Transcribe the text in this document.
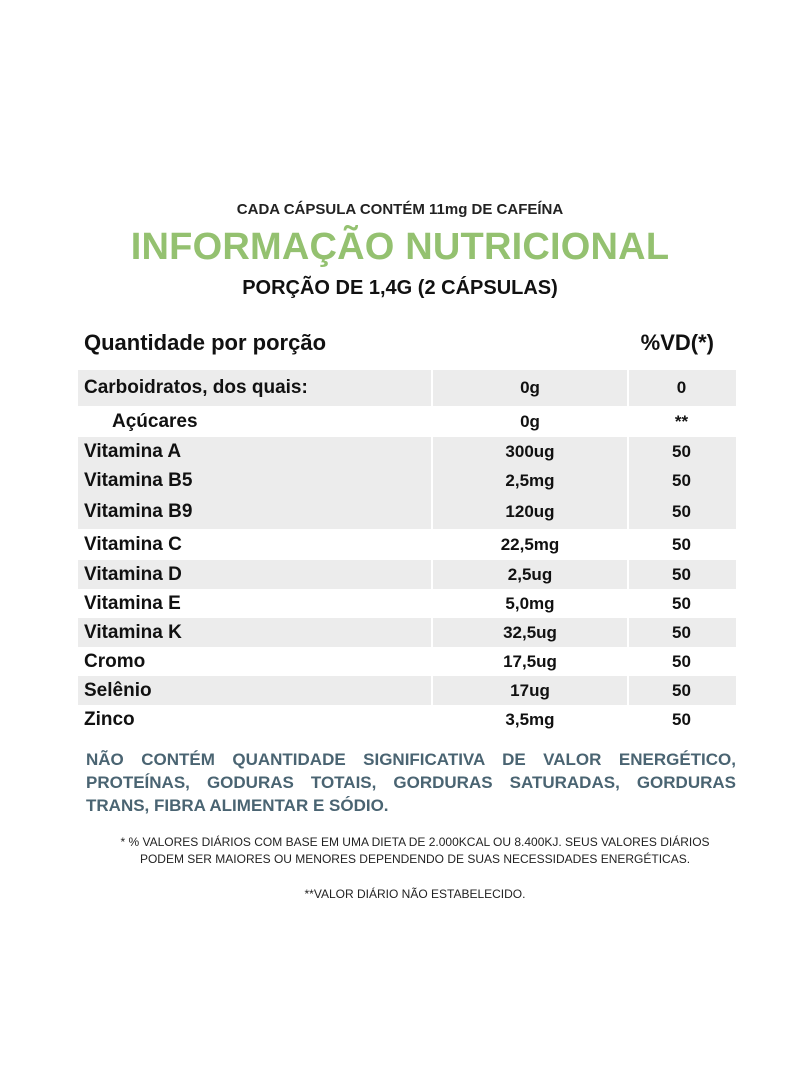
CADA CÁPSULA CONTÉM 11mg DE CAFEÍNA
INFORMAÇÃO NUTRICIONAL
PORÇÃO DE 1,4G (2 CÁPSULAS)
Quantidade por porção	%VD(*)
Carboidratos, dos quais:	0g	0
Açúcares	0g	**
Vitamina A	300ug	50
Vitamina B5	2,5mg	50
Vitamina B9	120ug	50
Vitamina C	22,5mg	50
Vitamina D	2,5ug	50
Vitamina E	5,0mg	50
Vitamina K	32,5ug	50
Cromo	17,5ug	50
Selênio	17ug	50
Zinco	3,5mg	50
NÃO CONTÉM QUANTIDADE SIGNIFICATIVA DE VALOR ENERGÉTICO, PROTEÍNAS, GODURAS TOTAIS, GORDURAS SATURADAS, GORDURAS TRANS, FIBRA ALIMENTAR E SÓDIO.
* % VALORES DIÁRIOS COM BASE EM UMA DIETA DE 2.000KCAL OU 8.400KJ. SEUS VALORES DIÁRIOS PODEM SER MAIORES OU MENORES DEPENDENDO DE SUAS NECESSIDADES ENERGÉTICAS.
**VALOR DIÁRIO NÃO ESTABELECIDO.
